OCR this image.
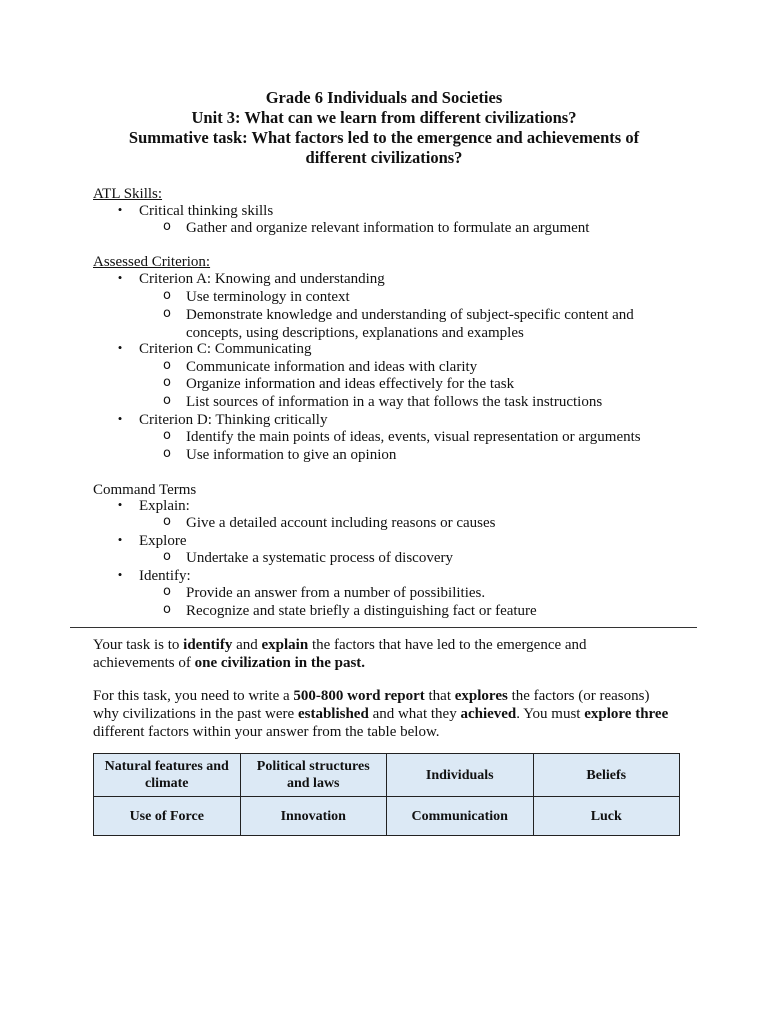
Grade 6 Individuals and Societies
Unit 3: What can we learn from different civilizations?
Summative task: What factors led to the emergence and achievements of
different civilizations?
ATL Skills:
• Critical thinking skills
o Gather and organize relevant information to formulate an argument
Assessed Criterion:
• Criterion A: Knowing and understanding
o Use terminology in context
o Demonstrate knowledge and understanding of subject-specific content and
concepts, using descriptions, explanations and examples
• Criterion C: Communicating
o Communicate information and ideas with clarity
o Organize information and ideas effectively for the task
o List sources of information in a way that follows the task instructions
• Criterion D: Thinking critically
o Identify the main points of ideas, events, visual representation or arguments
o Use information to give an opinion
Command Terms
• Explain:
o Give a detailed account including reasons or causes
• Explore
o Undertake a systematic process of discovery
• Identify:
o Provide an answer from a number of possibilities.
o Recognize and state briefly a distinguishing fact or feature
Your task is to identify and explain the factors that have led to the emergence and achievements of one civilization in the past.
For this task, you need to write a 500-800 word report that explores the factors (or reasons) why civilizations in the past were established and what they achieved. You must explore three different factors within your answer from the table below.
Natural features and climate	Political structures and laws	Individuals	Beliefs
Use of Force	Innovation	Communication	Luck
